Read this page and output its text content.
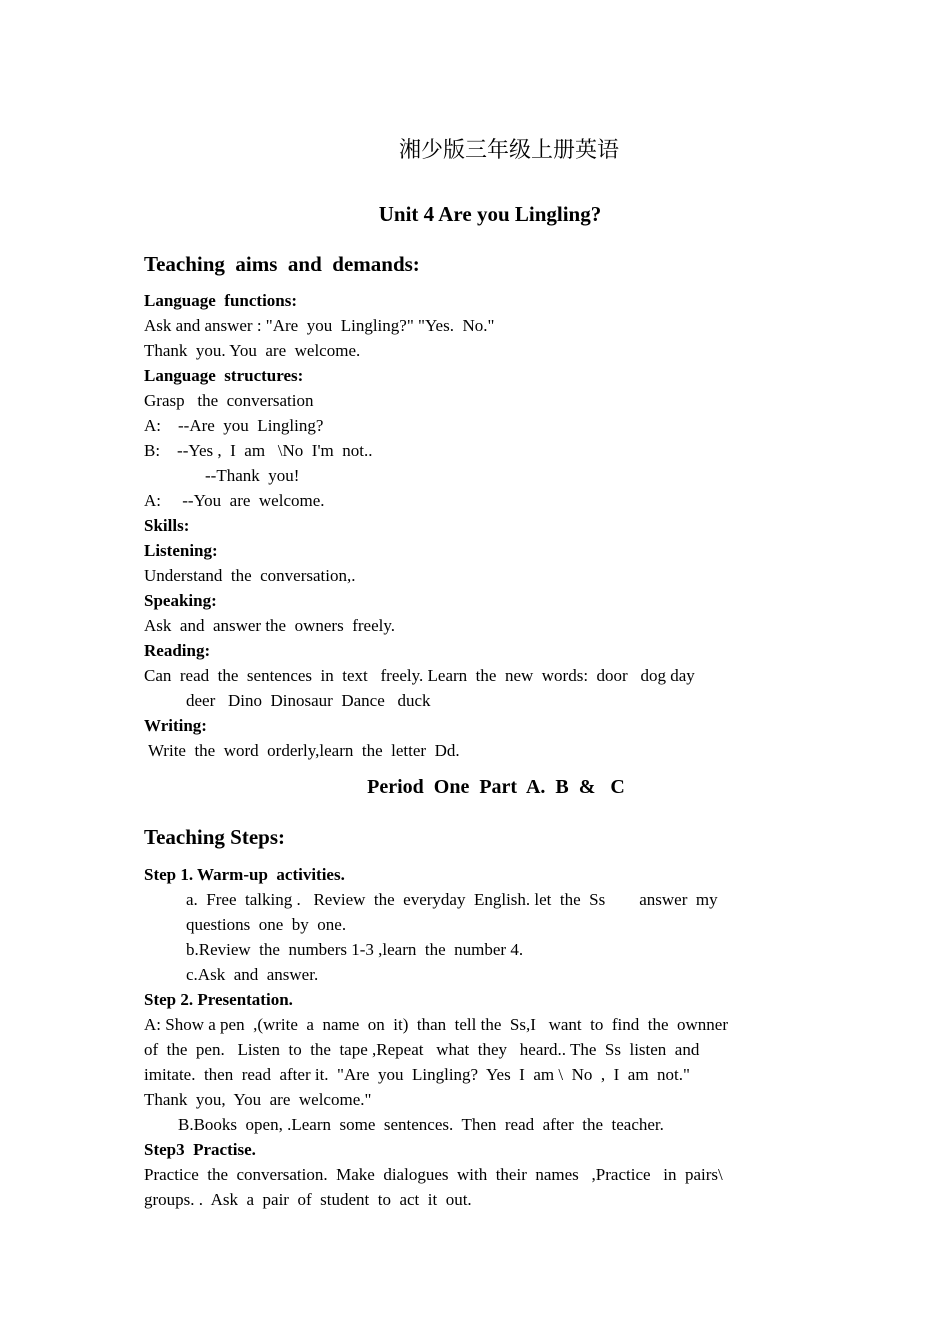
湘少版三年级上册英语
Unit 4 Are you Lingling?
Teaching  aims  and  demands:
Language  functions:
Ask and answer : "Are  you  Lingling?" "Yes.  No."
Thank  you. You  are  welcome.
Language  structures:
Grasp   the  conversation
A:    --Are  you  Lingling?
B:    --Yes ,  I  am   \No  I'm  not..
--Thank  you!
A:     --You  are  welcome.
Skills:
Listening:
Understand  the  conversation,.
Speaking:
Ask  and  answer the  owners  freely.
Reading:
Can  read  the  sentences  in  text   freely. Learn  the  new  words:  door   dog day
deer   Dino  Dinosaur  Dance   duck
Writing:
Write  the  word  orderly,learn  the  letter  Dd.
Period  One  Part  A.  B  &   C
Teaching Steps:
Step 1. Warm-up  activities.
a.  Free  talking .   Review  the  everyday  English. let  the  Ss        answer  my
questions  one  by  one.
b.Review  the  numbers 1-3 ,learn  the  number 4.
c.Ask  and  answer.
Step 2. Presentation.
A: Show a pen  ,(write  a  name  on  it)  than  tell the  Ss,I   want  to  find  the  ownner
of  the  pen.   Listen  to  the  tape ,Repeat   what  they   heard.. The  Ss  listen  and
imitate.  then  read  after it.  "Are  you  Lingling?  Yes  I  am \  No  ,  I  am  not."
Thank  you,  You  are  welcome."
B.Books  open, .Learn  some  sentences.  Then  read  after  the  teacher.
Step3  Practise.
Practice  the  conversation.  Make  dialogues  with  their  names   ,Practice   in  pairs\
groups. .  Ask  a  pair  of  student  to  act  it  out.
